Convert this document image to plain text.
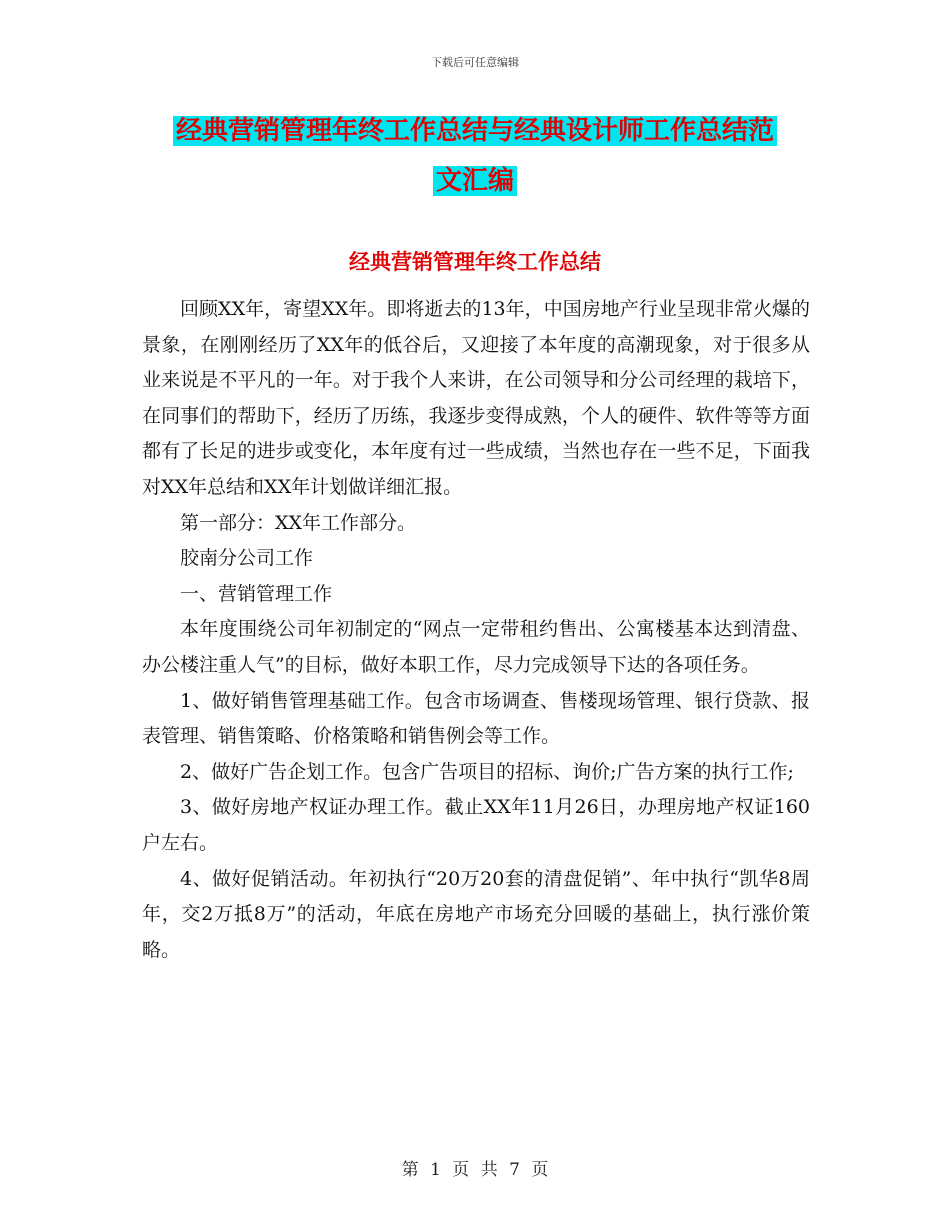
下载后可任意编辑
经典营销管理年终工作总结与经典设计师工作总结范
文汇编
经典营销管理年终工作总结

回顾XX年，寄望XX年。即将逝去的13年，中国房地产行业呈现非常火爆的景象，在刚刚经历了XX年的低谷后，又迎接了本年度的高潮现象，对于很多从业来说是不平凡的一年。对于我个人来讲，在公司领导和分公司经理的栽培下，在同事们的帮助下，经历了历练，我逐步变得成熟，个人的硬件、软件等等方面都有了长足的进步或变化，本年度有过一些成绩，当然也存在一些不足，下面我对XX年总结和XX年计划做详细汇报。

第一部分：XX年工作部分。

胶南分公司工作

一、营销管理工作

本年度围绕公司年初制定的“网点一定带租约售出、公寓楼基本达到清盘、办公楼注重人气”的目标，做好本职工作，尽力完成领导下达的各项任务。

1、做好销售管理基础工作。包含市场调查、售楼现场管理、银行贷款、报表管理、销售策略、价格策略和销售例会等工作。

2、做好广告企划工作。包含广告项目的招标、询价;广告方案的执行工作;

3、做好房地产权证办理工作。截止XX年11月26日，办理房地产权证160户左右。

4、做好促销活动。年初执行“20万20套的清盘促销”、年中执行“凯华8周年，交2万抵8万”的活动，年底在房地产市场充分回暖的基础上，执行涨价策略。

第 1 页 共 7 页
